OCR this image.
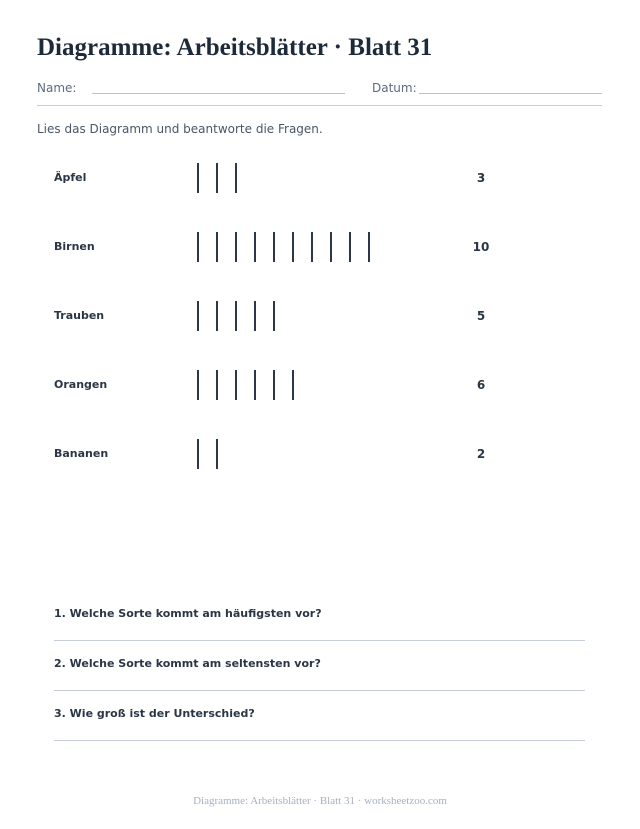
Diagramme: Arbeitsblätter · Blatt 31
Name:	Datum:
Lies das Diagramm und beantworte die Fragen.
Äpfel	3
Birnen	10
Trauben	5
Orangen	6
Bananen	2
1. Welche Sorte kommt am häufigsten vor?
2. Welche Sorte kommt am seltensten vor?
3. Wie groß ist der Unterschied?
Diagramme: Arbeitsblätter · Blatt 31 · worksheetzoo.com
